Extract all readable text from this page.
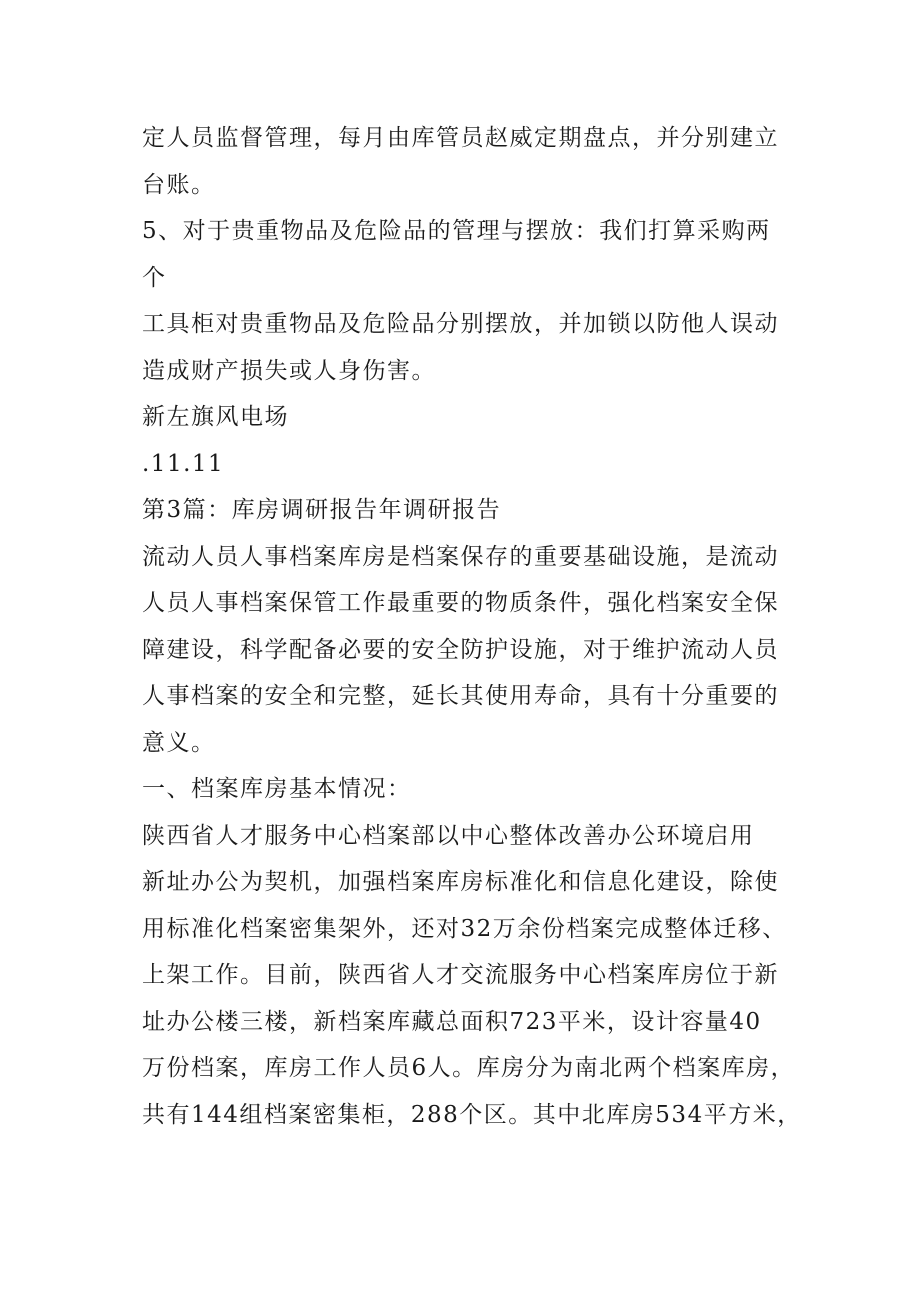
定人员监督管理，每月由库管员赵威定期盘点，并分别建立
台账。
5、对于贵重物品及危险品的管理与摆放：我们打算采购两
个
工具柜对贵重物品及危险品分别摆放，并加锁以防他人误动
造成财产损失或人身伤害。
新左旗风电场
.11.11
第3篇：库房调研报告年调研报告
流动人员人事档案库房是档案保存的重要基础设施，是流动
人员人事档案保管工作最重要的物质条件，强化档案安全保
障建设，科学配备必要的安全防护设施，对于维护流动人员
人事档案的安全和完整，延长其使用寿命，具有十分重要的
意义。
一、档案库房基本情况：
陕西省人才服务中心档案部以中心整体改善办公环境启用
新址办公为契机，加强档案库房标准化和信息化建设，除使
用标准化档案密集架外，还对32万余份档案完成整体迁移、
上架工作。目前，陕西省人才交流服务中心档案库房位于新
址办公楼三楼，新档案库藏总面积723平米，设计容量40
万份档案，库房工作人员6人。库房分为南北两个档案库房，
共有144组档案密集柜，288个区。其中北库房534平方米，
